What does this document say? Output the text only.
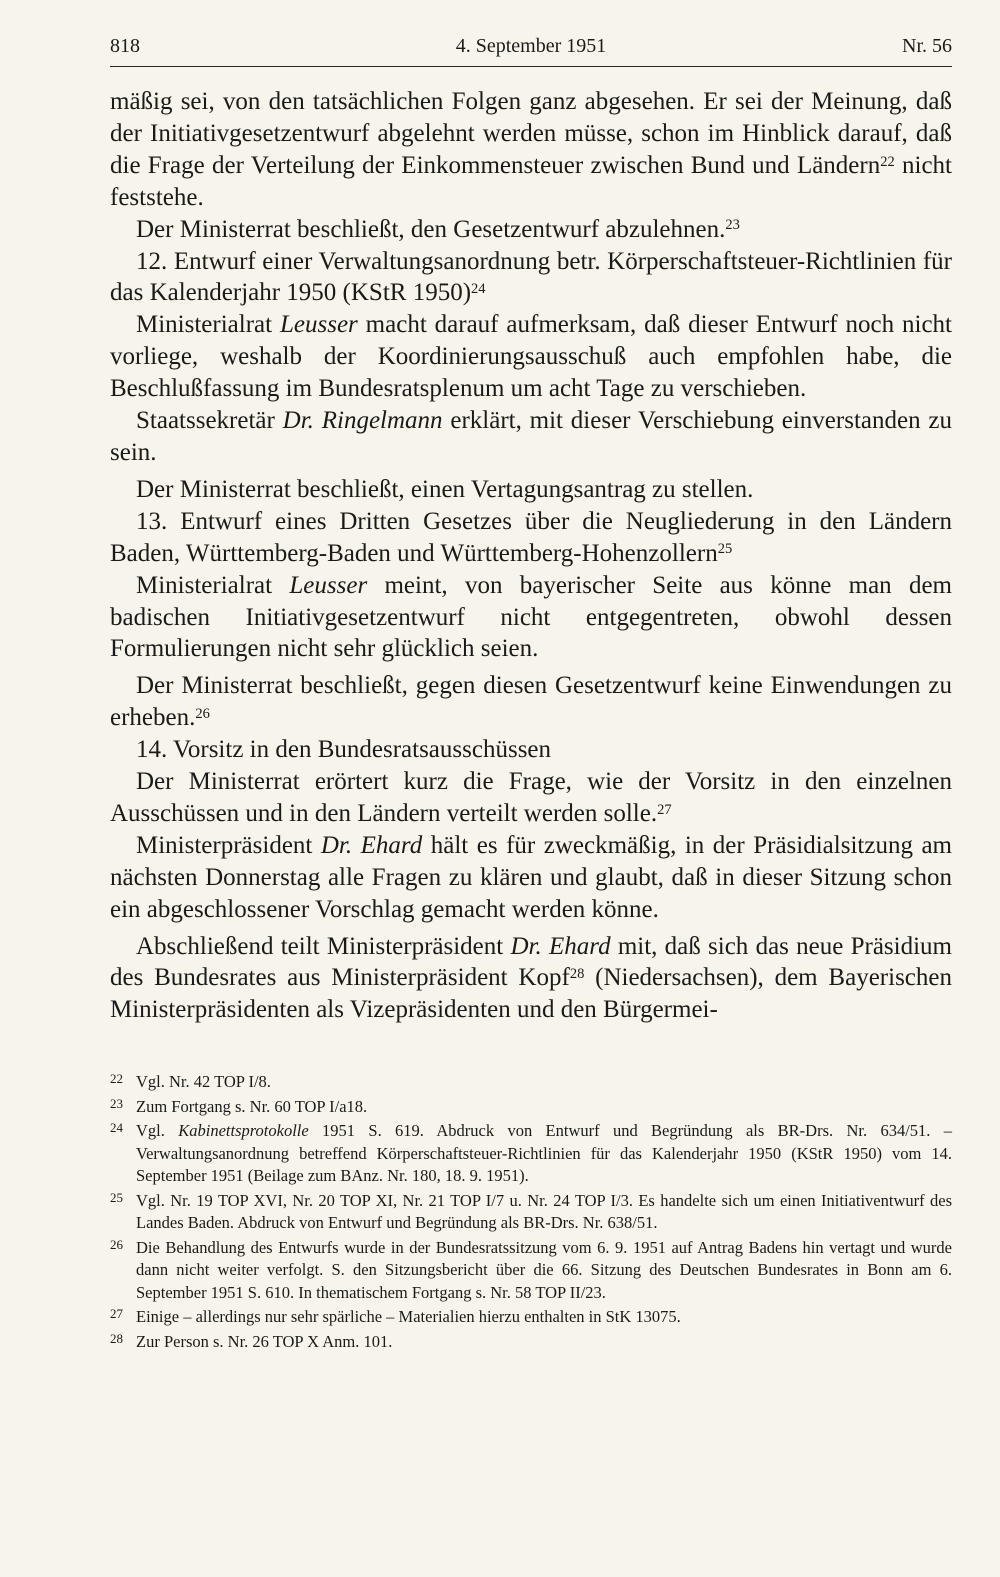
4. September 1951
818	Nr. 56

mäßig sei, von den tatsächlichen Folgen ganz abgesehen. Er sei der Meinung, daß der Initiativgesetzentwurf abgelehnt werden müsse, schon im Hinblick darauf, daß die Frage der Verteilung der Einkommensteuer zwischen Bund und Ländern$^{22}$ nicht feststehe.

Der Ministerrat beschließt, den Gesetzentwurf abzulehnen.$^{23}$

12. Entwurf einer Verwaltungsanordnung betr. Körperschaftsteuer-Richtlinien für das Kalenderjahr 1950 (KStR 1950)$^{24}$

Ministerialrat Leusser macht darauf aufmerksam, daß dieser Entwurf noch nicht vorliege, weshalb der Koordinierungsausschuß auch empfohlen habe, die Beschlußfassung im Bundesratsplenum um acht Tage zu verschieben.

Staatssekretär Dr. Ringelmann erklärt, mit dieser Verschiebung einverstanden zu sein.

Der Ministerrat beschließt, einen Vertagungsantrag zu stellen.

13. Entwurf eines Dritten Gesetzes über die Neugliederung in den Ländern Baden, Württemberg-Baden und Württemberg-Hohenzollern$^{25}$

Ministerialrat Leusser meint, von bayerischer Seite aus könne man dem badischen Initiativgesetzentwurf nicht entgegentreten, obwohl dessen Formulierungen nicht sehr glücklich seien.

Der Ministerrat beschließt, gegen diesen Gesetzentwurf keine Einwendungen zu erheben.$^{26}$

14. Vorsitz in den Bundesratsausschüssen

Der Ministerrat erörtert kurz die Frage, wie der Vorsitz in den einzelnen Ausschüssen und in den Ländern verteilt werden solle.$^{27}$

Ministerpräsident Dr. Ehard hält es für zweckmäßig, in der Präsidialsitzung am nächsten Donnerstag alle Fragen zu klären und glaubt, daß in dieser Sitzung schon ein abgeschlossener Vorschlag gemacht werden könne.

Abschließend teilt Ministerpräsident Dr. Ehard mit, daß sich das neue Präsidium des Bundesrates aus Ministerpräsident Kopf$^{28}$ (Niedersachsen), dem Bayerischen Ministerpräsidenten als Vizepräsidenten und den Bürgermei-

22 Vgl. Nr. 42 TOP I/8.

23 Zum Fortgang s. Nr. 60 TOP I/a18.

24 Vgl. Kabinettsprotokolle 1951 S. 619. Abdruck von Entwurf und Begründung als BR-Drs. Nr. 634/51. – Verwaltungsanordnung betreffend Körperschaftsteuer-Richtlinien für das Kalenderjahr 1950 (KStR 1950) vom 14. September 1951 (Beilage zum BAnz. Nr. 180, 18. 9. 1951).

25 Vgl. Nr. 19 TOP XVI, Nr. 20 TOP XI, Nr. 21 TOP I/7 u. Nr. 24 TOP I/3. Es handelte sich um einen Initiativentwurf des Landes Baden. Abdruck von Entwurf und Begründung als BR-Drs. Nr. 638/51.

26 Die Behandlung des Entwurfs wurde in der Bundesratssitzung vom 6. 9. 1951 auf Antrag Badens hin vertagt und wurde dann nicht weiter verfolgt. S. den Sitzungsbericht über die 66. Sitzung des Deutschen Bundesrates in Bonn am 6. September 1951 S. 610. In thematischem Fortgang s. Nr. 58 TOP II/23.

27 Einige – allerdings nur sehr spärliche – Materialien hierzu enthalten in StK 13075.

28 Zur Person s. Nr. 26 TOP X Anm. 101.
